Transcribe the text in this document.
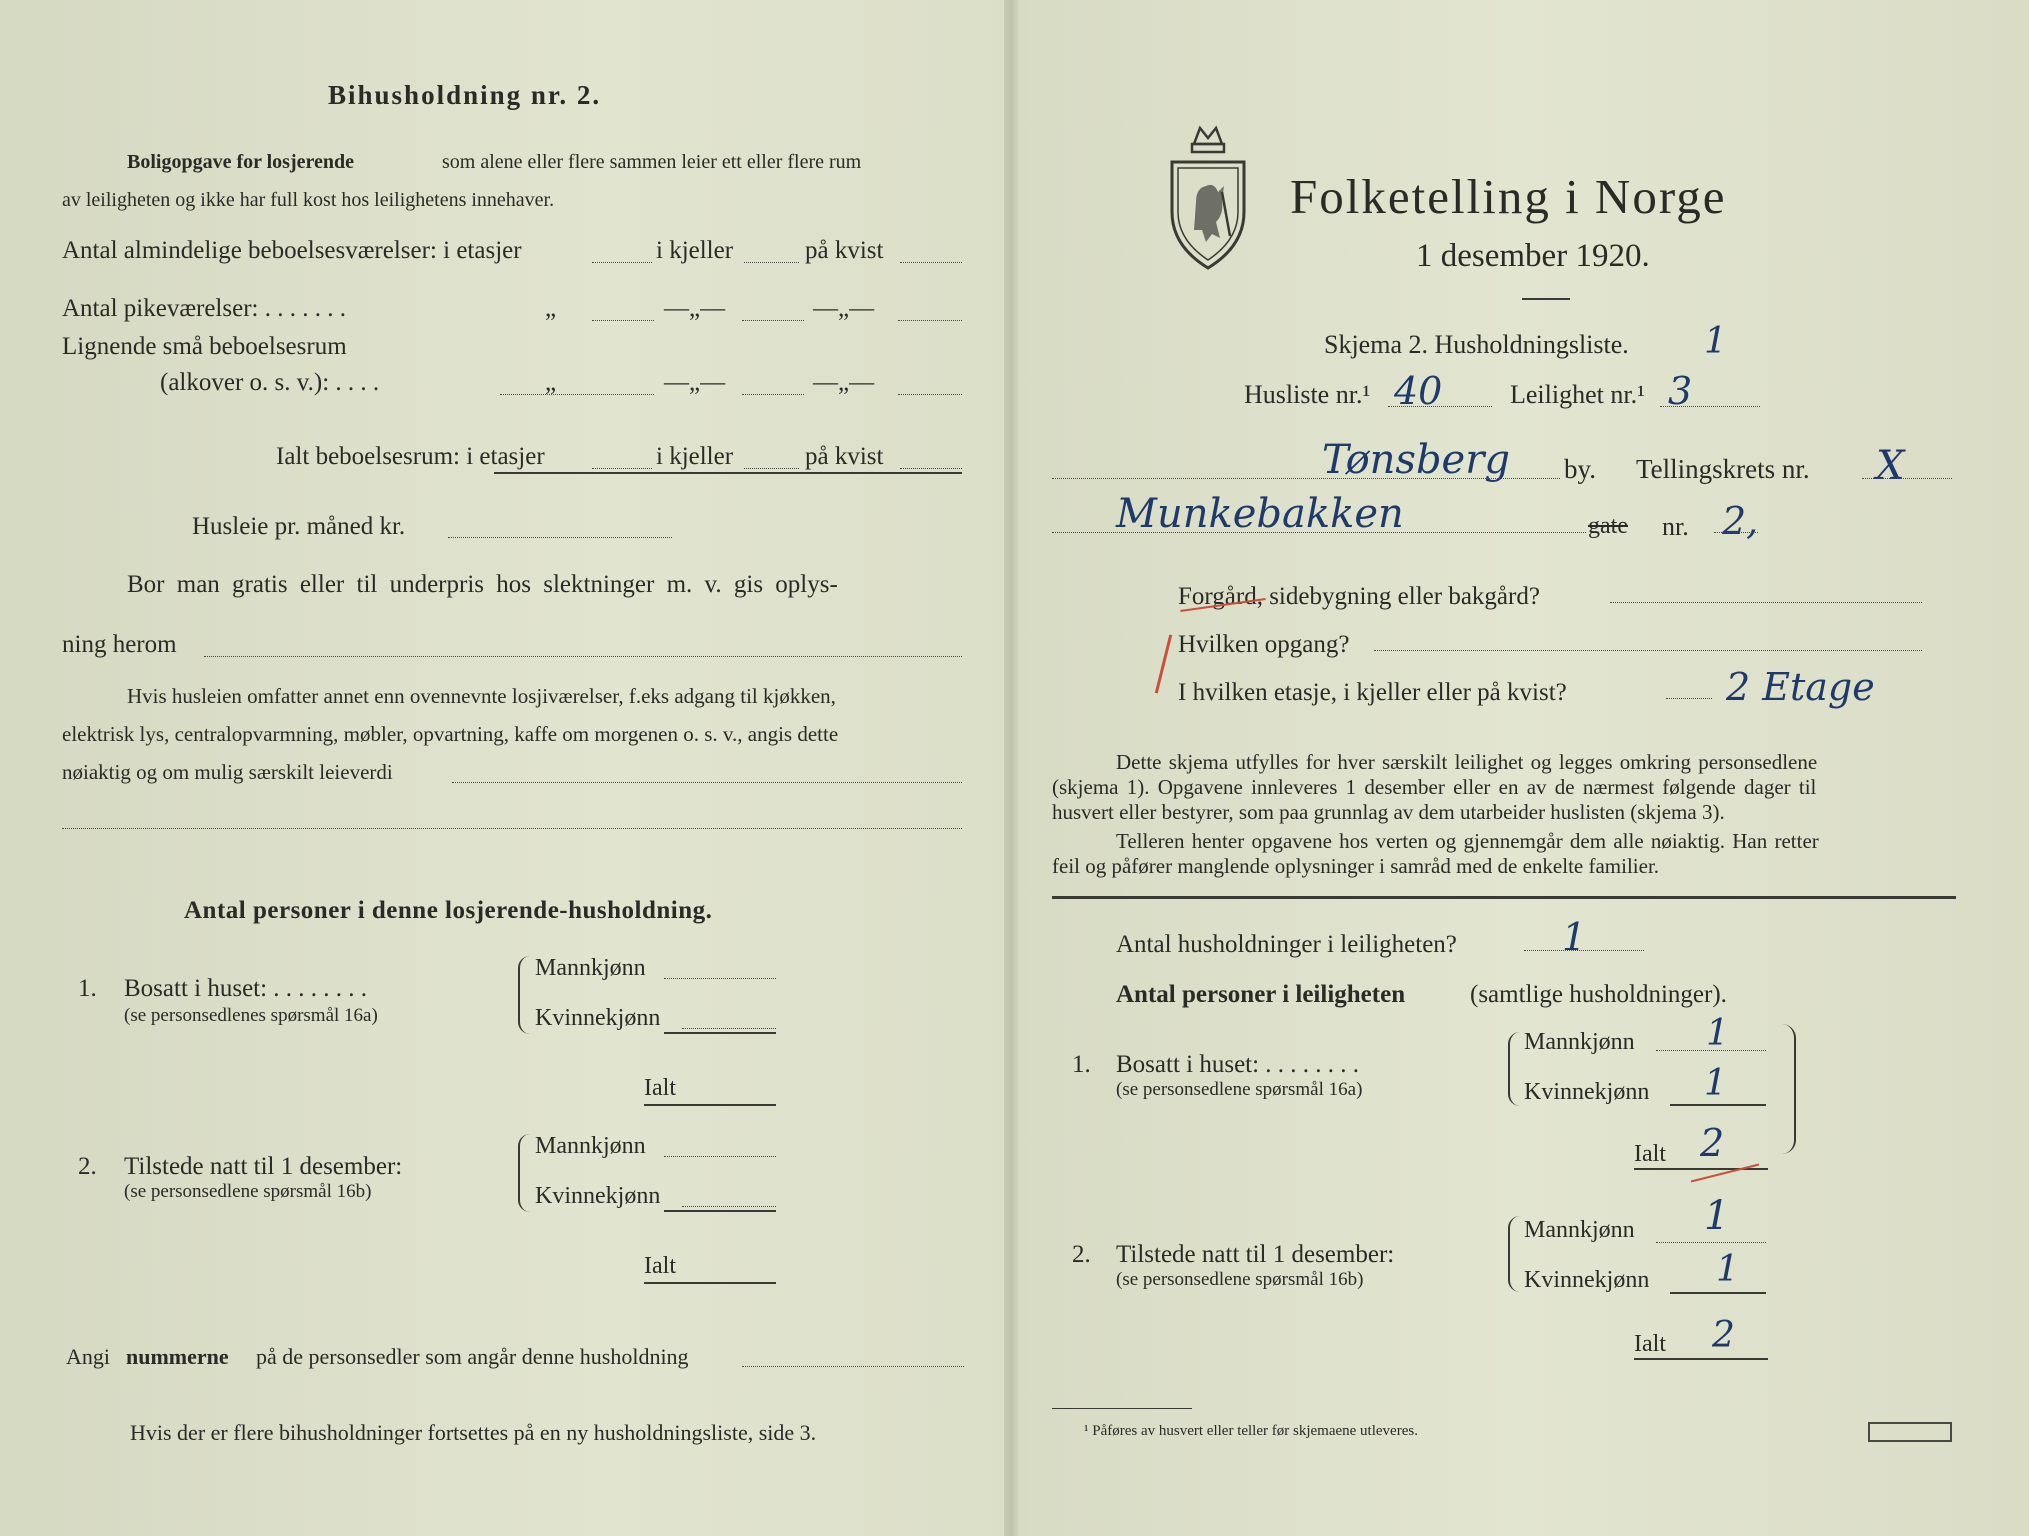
Bihusholdning nr. 2.
Boligopgave for losjerende	som alene eller flere sammen leier ett eller flere rum
av leiligheten og ikke har full kost hos leilighetens innehaver.
Antal almindelige beboelsesværelser: i etasjer	i kjeller	på kvist
Antal pikeværelser: . . . . . . .	„	—„—	—„—
Lignende små beboelsesrum
(alkover o. s. v.): . . . .	„	—„—	—„—
Ialt beboelsesrum: i etasjer	i kjeller	på kvist
Husleie pr. måned kr.
Bor man gratis eller til underpris hos slektninger m. v. gis oplys-
ning herom
Hvis husleien omfatter annet enn ovennevnte losjiværelser, f.eks adgang til kjøkken,
elektrisk lys, centralopvarmning, møbler, opvartning, kaffe om morgenen o. s. v., angis dette
nøiaktig og om mulig særskilt leieverdi
Antal personer i denne losjerende-husholdning.
1. Bosatt i huset: . . . . . . . .
(se personsedlenes spørsmål 16a)
Mannkjønn
Kvinnekjønn
Ialt
2. Tilstede natt til 1 desember:
(se personsedlene spørsmål 16b)
Mannkjønn
Kvinnekjønn
Ialt
Angi nummerne på de personsedler som angår denne husholdning
Hvis der er flere bihusholdninger fortsettes på en ny husholdningsliste, side 3.
Folketelling i Norge
1 desember 1920.
Skjema 2. Husholdningsliste. 1
Husliste nr.¹ 40	Leilighet nr.¹ 3
Tønsberg by. Tellingskrets nr. X
Munkebakken	gate nr. 2,
Forgård, sidebygning eller bakgård?
Hvilken opgang?
I hvilken etasje, i kjeller eller på kvist?	2 Etage
Dette skjema utfylles for hver særskilt leilighet og legges omkring personsedlene
(skjema 1). Opgavene innleveres 1 desember eller en av de nærmest følgende dager til
husvert eller bestyrer, som paa grunnlag av dem utarbeider huslisten (skjema 3).
Telleren henter opgavene hos verten og gjennemgår dem alle nøiaktig. Han retter
feil og påfører manglende oplysninger i samråd med de enkelte familier.
Antal husholdninger i leiligheten?	1
Antal personer i leiligheten	(samtlige husholdninger).
1. Bosatt i huset: . . . . . . . .
(se personsedlene spørsmål 16a)
Mannkjønn 1
Kvinnekjønn 1
Ialt 2
2. Tilstede natt til 1 desember:
(se personsedlene spørsmål 16b)
Mannkjønn 1
Kvinnekjønn 1
Ialt 2
¹ Påføres av husvert eller teller før skjemaene utleveres.
